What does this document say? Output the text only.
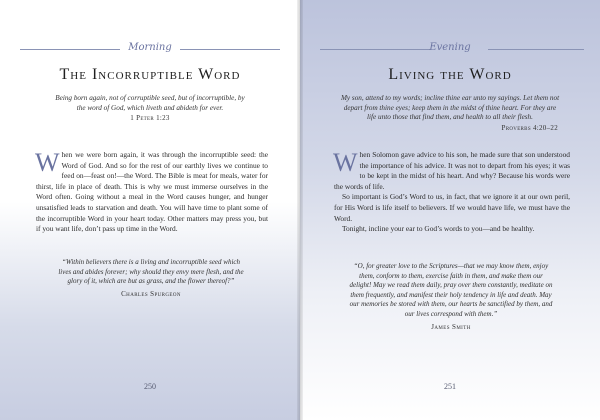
Morning
The Incorruptible Word
Being born again, not of corruptible seed, but of incorruptible, by the word of God, which liveth and abideth for ever.
1 Peter 1:23

When we were born again, it was through the incorruptible seed: the Word of God. And so for the rest of our earthly lives we continue to feed on—feast on!—the Word. The Bible is meat for meals, water for thirst, life in place of death. This is why we must immerse ourselves in the Word often. Going without a meal in the Word causes hunger, and hunger unsatisfied leads to starvation and death. You will have time to plant some of the incorruptible Word in your heart today. Other matters may press you, but if you want life, don’t pass up time in the Word.

“Within believers there is a living and incorruptible seed which lives and abides forever; why should they envy mere flesh, and the glory of it, which are but as grass, and the flower thereof?”
Charles Spurgeon
250
Evening
Living the Word
My son, attend to my words; incline thine ear unto my sayings. Let them not depart from thine eyes; keep them in the midst of thine heart. For they are life unto those that find them, and health to all their flesh.
Proverbs 4:20–22

When Solomon gave advice to his son, he made sure that son understood the importance of his advice. It was not to depart from his eyes; it was to be kept in the midst of his heart. And why? Because his words were the words of life.

So important is God’s Word to us, in fact, that we ignore it at our own peril, for His Word is life itself to believers. If we would have life, we must have the Word.

Tonight, incline your ear to God’s words to you—and be healthy.

“O, for greater love to the Scriptures—that we may know them, enjoy them, conform to them, exercise faith in them, and make them our delight! May we read them daily, pray over them constantly, meditate on them frequently, and manifest their holy tendency in life and death. May our memories be stored with them, our hearts be sanctified by them, and our lives correspond with them.”
James Smith
251
